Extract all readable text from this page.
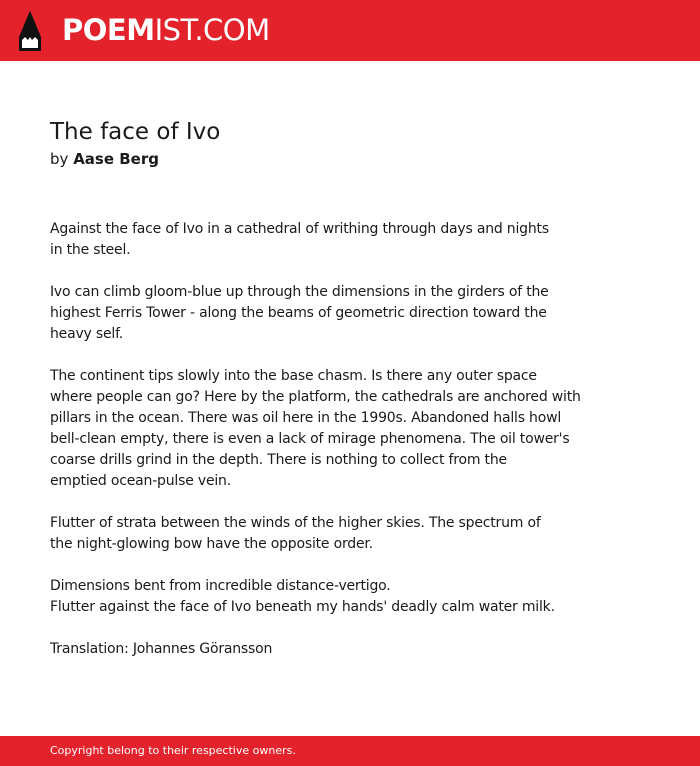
POEMIST.COM
The face of Ivo
by Aase Berg

Against the face of Ivo in a cathedral of writhing through days and nights
in the steel.

Ivo can climb gloom-blue up through the dimensions in the girders of the
highest Ferris Tower - along the beams of geometric direction toward the
heavy self.

The continent tips slowly into the base chasm. Is there any outer space
where people can go? Here by the platform, the cathedrals are anchored with
pillars in the ocean. There was oil here in the 1990s. Abandoned halls howl
bell-clean empty, there is even a lack of mirage phenomena. The oil tower's
coarse drills grind in the depth. There is nothing to collect from the
emptied ocean-pulse vein.

Flutter of strata between the winds of the higher skies. The spectrum of
the night-glowing bow have the opposite order.

Dimensions bent from incredible distance-vertigo.
Flutter against the face of Ivo beneath my hands' deadly calm water milk.

Translation: Johannes Göransson

Copyright belong to their respective owners.
